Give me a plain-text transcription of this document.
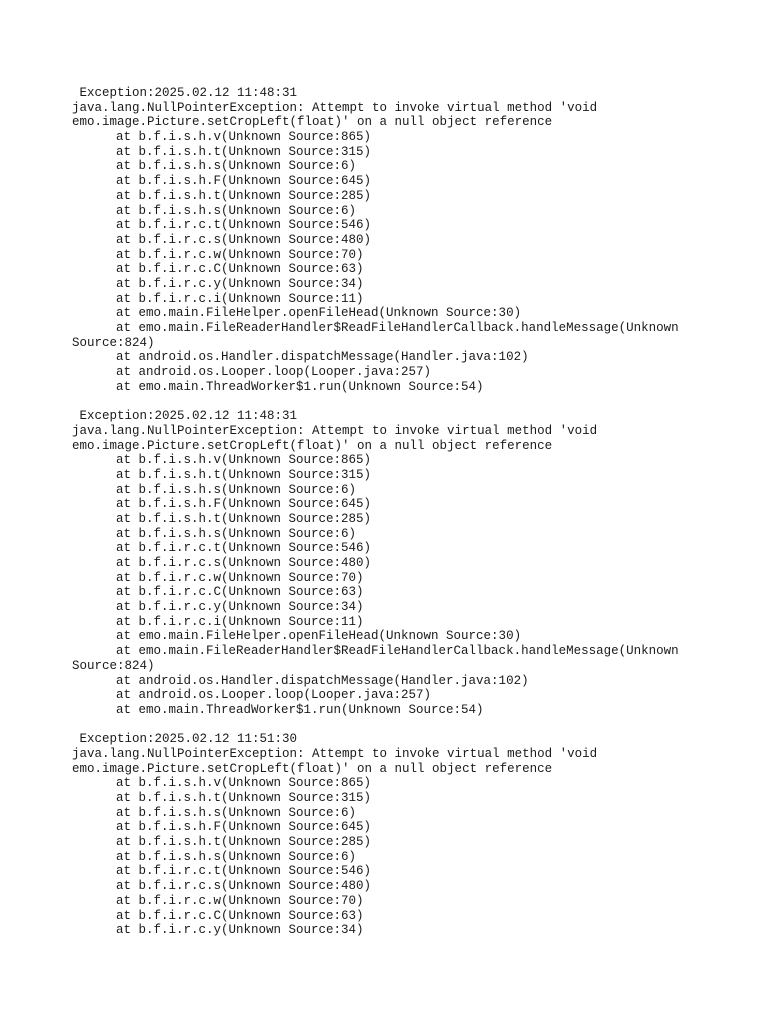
Exception:2025.02.12 11:48:31
java.lang.NullPointerException: Attempt to invoke virtual method 'void
emo.image.Picture.setCropLeft(float)' on a null object reference
at b.f.i.s.h.v(Unknown Source:865)
at b.f.i.s.h.t(Unknown Source:315)
at b.f.i.s.h.s(Unknown Source:6)
at b.f.i.s.h.F(Unknown Source:645)
at b.f.i.s.h.t(Unknown Source:285)
at b.f.i.s.h.s(Unknown Source:6)
at b.f.i.r.c.t(Unknown Source:546)
at b.f.i.r.c.s(Unknown Source:480)
at b.f.i.r.c.w(Unknown Source:70)
at b.f.i.r.c.C(Unknown Source:63)
at b.f.i.r.c.y(Unknown Source:34)
at b.f.i.r.c.i(Unknown Source:11)
at emo.main.FileHelper.openFileHead(Unknown Source:30)
at emo.main.FileReaderHandler$ReadFileHandlerCallback.handleMessage(Unknown
Source:824)
at android.os.Handler.dispatchMessage(Handler.java:102)
at android.os.Looper.loop(Looper.java:257)
at emo.main.ThreadWorker$1.run(Unknown Source:54)
Exception:2025.02.12 11:48:31
java.lang.NullPointerException: Attempt to invoke virtual method 'void
emo.image.Picture.setCropLeft(float)' on a null object reference
at b.f.i.s.h.v(Unknown Source:865)
at b.f.i.s.h.t(Unknown Source:315)
at b.f.i.s.h.s(Unknown Source:6)
at b.f.i.s.h.F(Unknown Source:645)
at b.f.i.s.h.t(Unknown Source:285)
at b.f.i.s.h.s(Unknown Source:6)
at b.f.i.r.c.t(Unknown Source:546)
at b.f.i.r.c.s(Unknown Source:480)
at b.f.i.r.c.w(Unknown Source:70)
at b.f.i.r.c.C(Unknown Source:63)
at b.f.i.r.c.y(Unknown Source:34)
at b.f.i.r.c.i(Unknown Source:11)
at emo.main.FileHelper.openFileHead(Unknown Source:30)
at emo.main.FileReaderHandler$ReadFileHandlerCallback.handleMessage(Unknown
Source:824)
at android.os.Handler.dispatchMessage(Handler.java:102)
at android.os.Looper.loop(Looper.java:257)
at emo.main.ThreadWorker$1.run(Unknown Source:54)
Exception:2025.02.12 11:51:30
java.lang.NullPointerException: Attempt to invoke virtual method 'void
emo.image.Picture.setCropLeft(float)' on a null object reference
at b.f.i.s.h.v(Unknown Source:865)
at b.f.i.s.h.t(Unknown Source:315)
at b.f.i.s.h.s(Unknown Source:6)
at b.f.i.s.h.F(Unknown Source:645)
at b.f.i.s.h.t(Unknown Source:285)
at b.f.i.s.h.s(Unknown Source:6)
at b.f.i.r.c.t(Unknown Source:546)
at b.f.i.r.c.s(Unknown Source:480)
at b.f.i.r.c.w(Unknown Source:70)
at b.f.i.r.c.C(Unknown Source:63)
at b.f.i.r.c.y(Unknown Source:34)
